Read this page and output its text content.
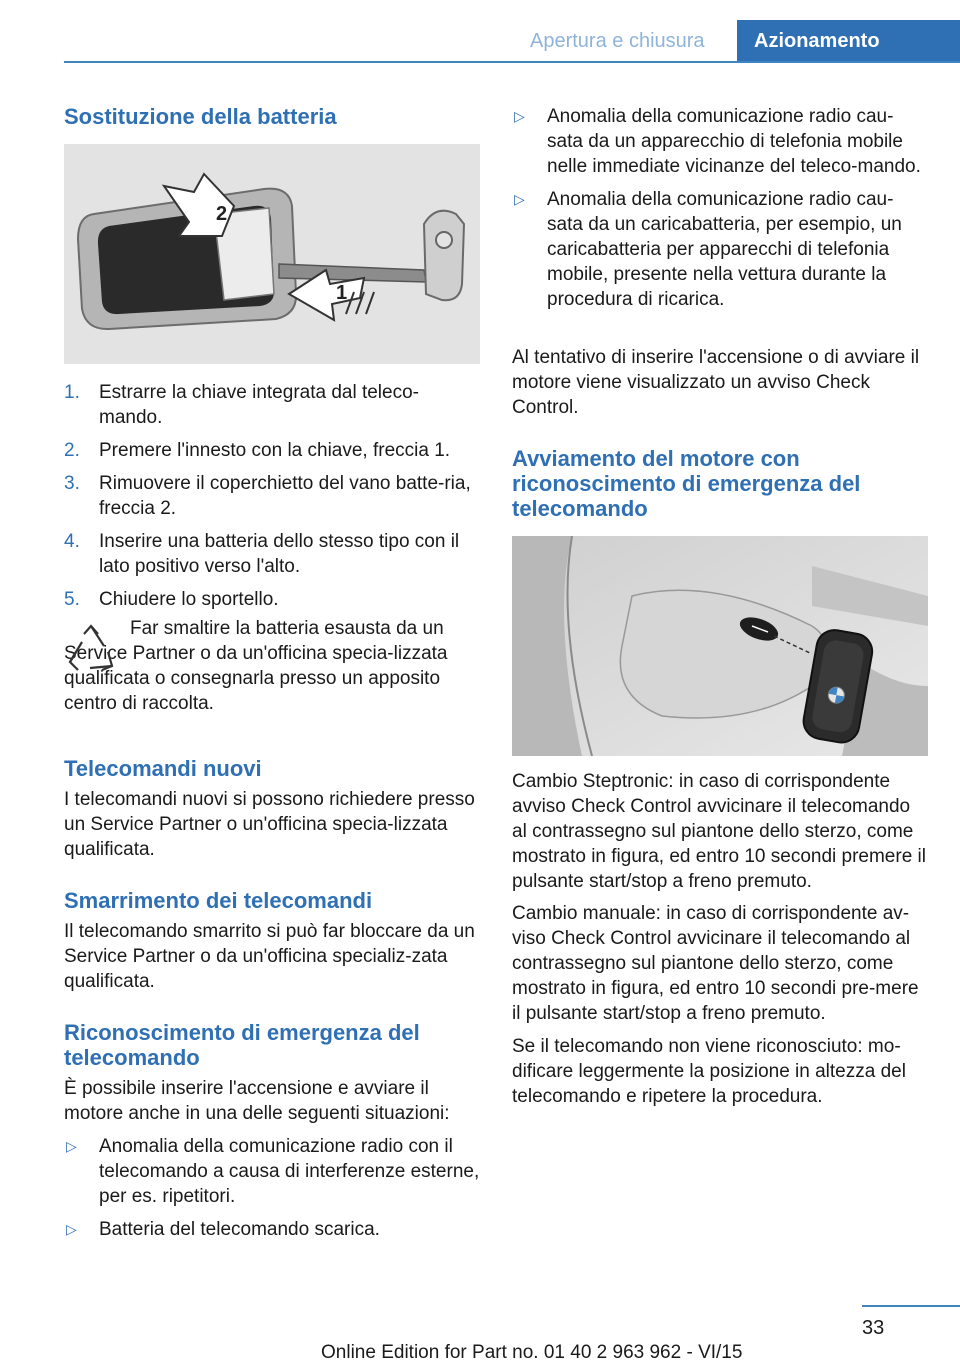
Apertura e chiusura	Azionamento
Sostituzione della batteria
2
1
1. Estrarre la chiave integrata dal teleco‐mando.
2. Premere l'innesto con la chiave, freccia 1.
3. Rimuovere il coperchietto del vano batte‐ria, freccia 2.
4. Inserire una batteria dello stesso tipo con il lato positivo verso l'alto.
5. Chiudere lo sportello.

Far smaltire la batteria esausta da un Service Partner o da un'officina specia‐lizzata qualificata o consegnarla presso un apposito centro di raccolta.

Telecomandi nuovi

I telecomandi nuovi si possono richiedere presso un Service Partner o un'officina specia‐lizzata qualificata.

Smarrimento dei telecomandi

Il telecomando smarrito si può far bloccare da un Service Partner o da un'officina specializ‐zata qualificata.

Riconoscimento di emergenza del telecomando

È possibile inserire l'accensione e avviare il motore anche in una delle seguenti situazioni:

▷ Anomalia della comunicazione radio con il telecomando a causa di interferenze esterne, per es. ripetitori.
▷ Batteria del telecomando scarica.
▷ Anomalia della comunicazione radio cau‐sata da un apparecchio di telefonia mobile nelle immediate vicinanze del teleco‐mando.
▷ Anomalia della comunicazione radio cau‐sata da un caricabatteria, per esempio, un caricabatteria per apparecchi di telefonia mobile, presente nella vettura durante la procedura di ricarica.

Al tentativo di inserire l'accensione o di avviare il motore viene visualizzato un avviso Check Control.

Avviamento del motore con riconoscimento di emergenza del telecomando

Cambio Steptronic: in caso di corrispondente avviso Check Control avvicinare il telecomando al contrassegno sul piantone dello sterzo, come mostrato in figura, ed entro 10 secondi premere il pulsante start/stop a freno premuto.

Cambio manuale: in caso di corrispondente av‐viso Check Control avvicinare il telecomando al contrassegno sul piantone dello sterzo, come mostrato in figura, ed entro 10 secondi pre‐mere il pulsante start/stop a freno premuto.

Se il telecomando non viene riconosciuto: mo‐dificare leggermente la posizione in altezza del telecomando e ripetere la procedura.

33
Online Edition for Part no. 01 40 2 963 962 - VI/15
